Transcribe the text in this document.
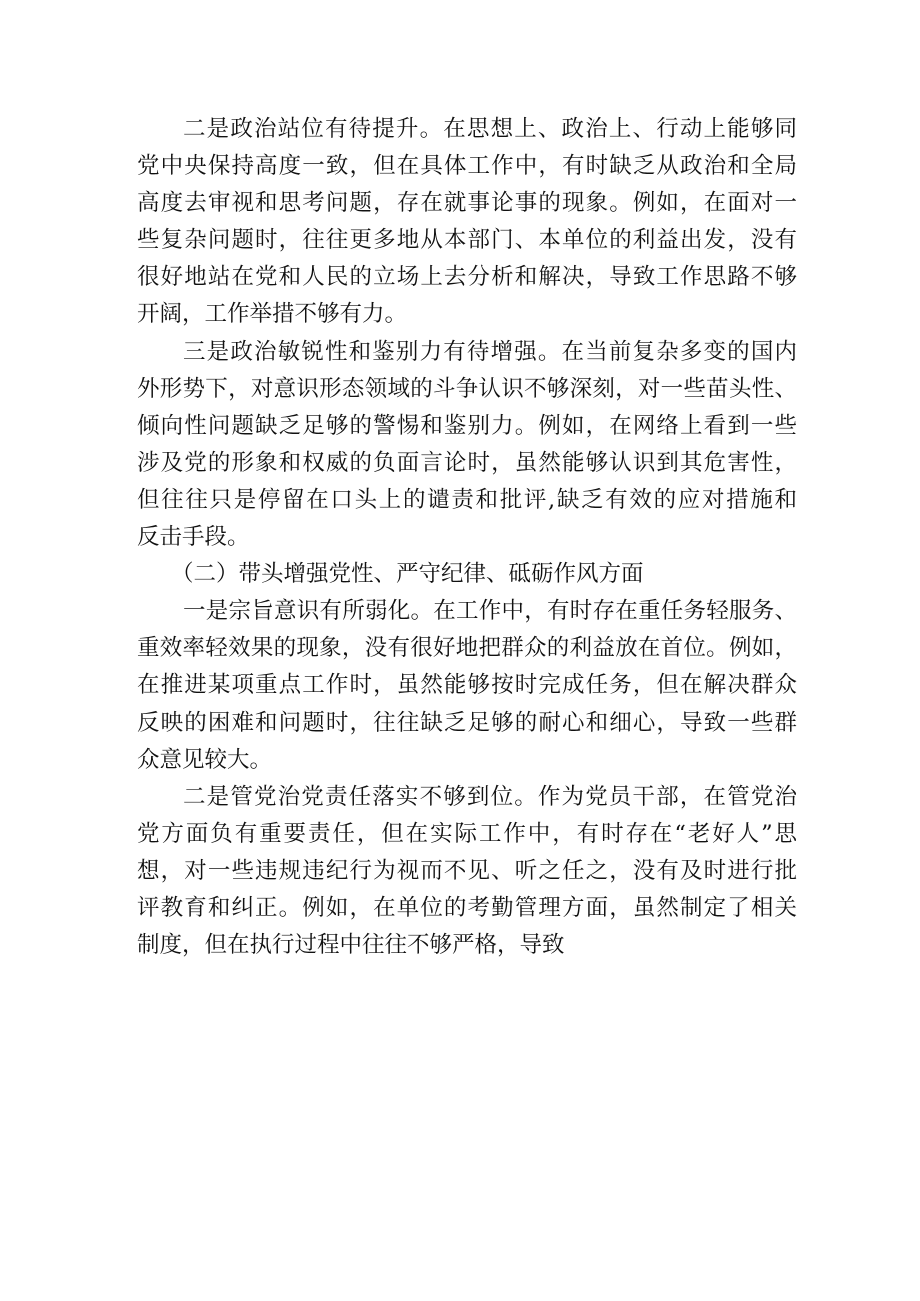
二是政治站位有待提升。在思想上、政治上、行动上能够同
党中央保持高度一致，但在具体工作中，有时缺乏从政治和全局
高度去审视和思考问题，存在就事论事的现象。例如，在面对一
些复杂问题时，往往更多地从本部门、本单位的利益出发，没有
很好地站在党和人民的立场上去分析和解决，导致工作思路不够
开阔，工作举措不够有力。
三是政治敏锐性和鉴别力有待增强。在当前复杂多变的国内
外形势下，对意识形态领域的斗争认识不够深刻，对一些苗头性、
倾向性问题缺乏足够的警惕和鉴别力。例如，在网络上看到一些
涉及党的形象和权威的负面言论时，虽然能够认识到其危害性，
但往往只是停留在口头上的谴责和批评,缺乏有效的应对措施和
反击手段。
（二）带头增强党性、严守纪律、砥砺作风方面
一是宗旨意识有所弱化。在工作中，有时存在重任务轻服务、
重效率轻效果的现象，没有很好地把群众的利益放在首位。例如，
在推进某项重点工作时，虽然能够按时完成任务，但在解决群众
反映的困难和问题时，往往缺乏足够的耐心和细心，导致一些群
众意见较大。
二是管党治党责任落实不够到位。作为党员干部，在管党治
党方面负有重要责任，但在实际工作中，有时存在“老好人”思
想，对一些违规违纪行为视而不见、听之任之，没有及时进行批
评教育和纠正。例如，在单位的考勤管理方面，虽然制定了相关
制度，但在执行过程中往往不够严格，导致
